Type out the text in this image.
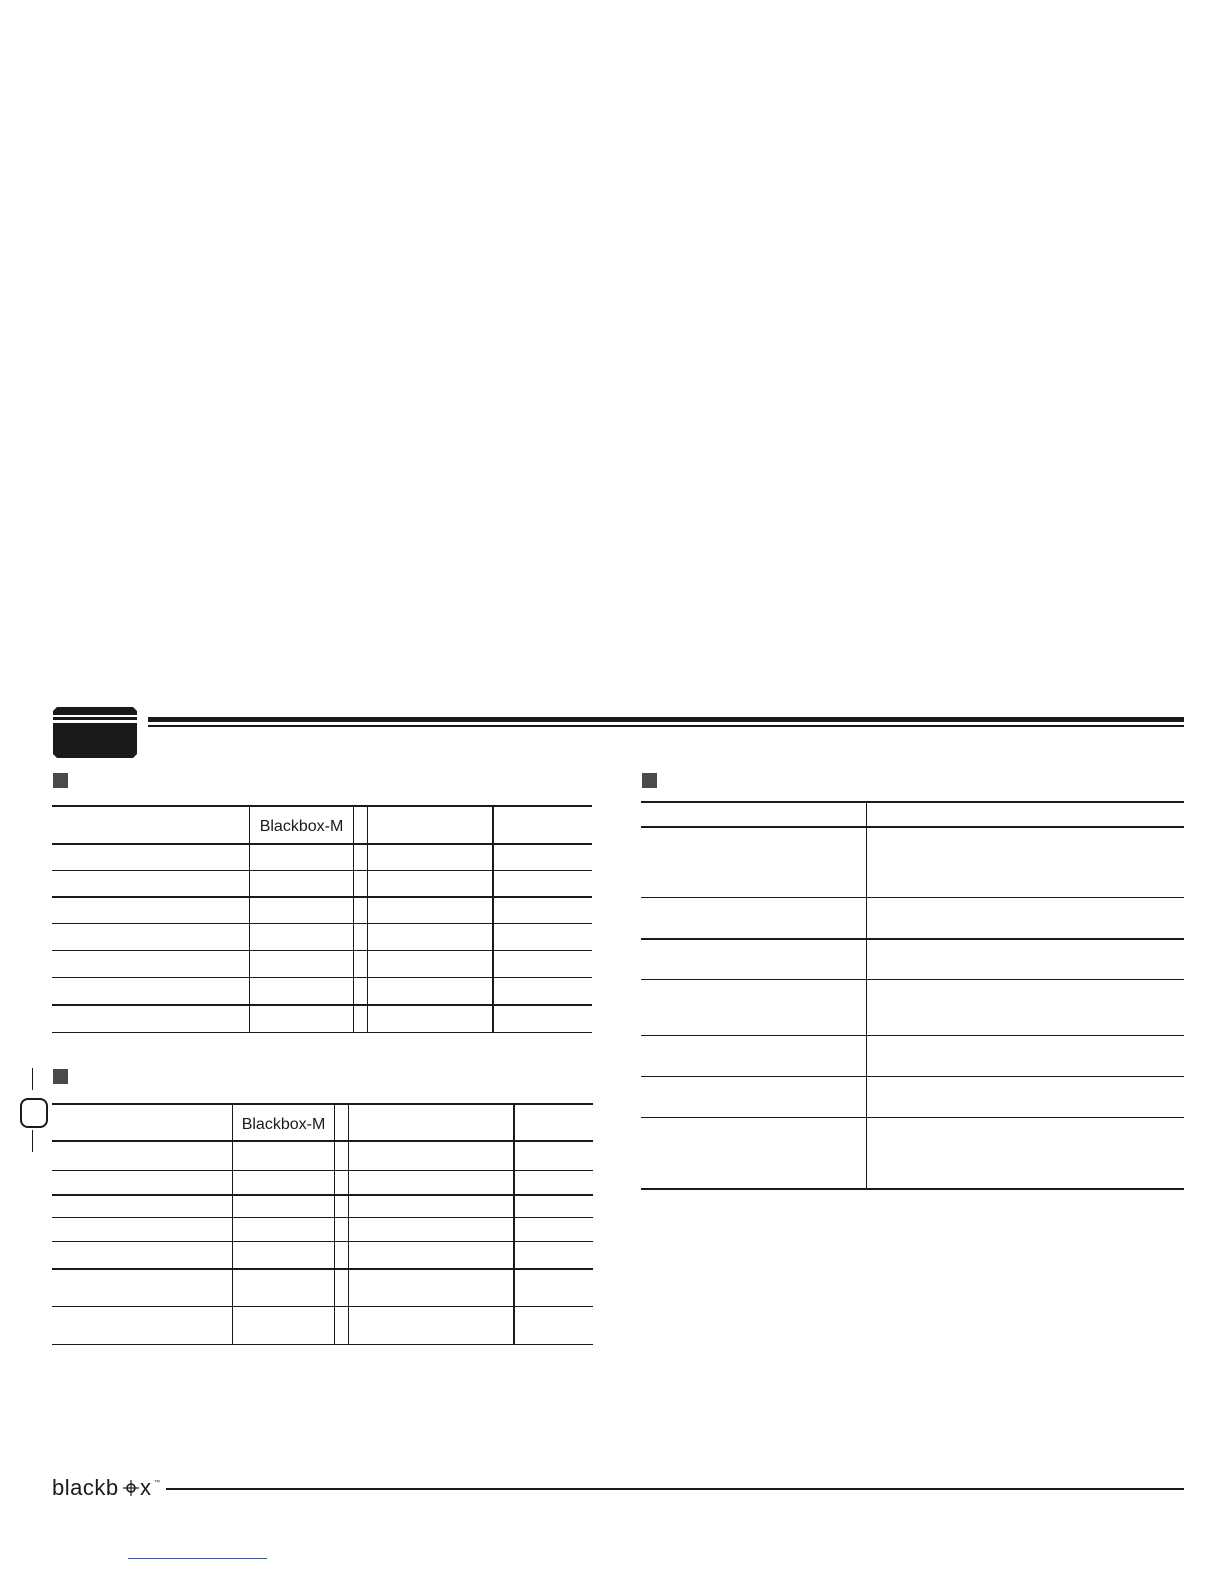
Blackbox-M
Blackbox-M
blackb x ™
